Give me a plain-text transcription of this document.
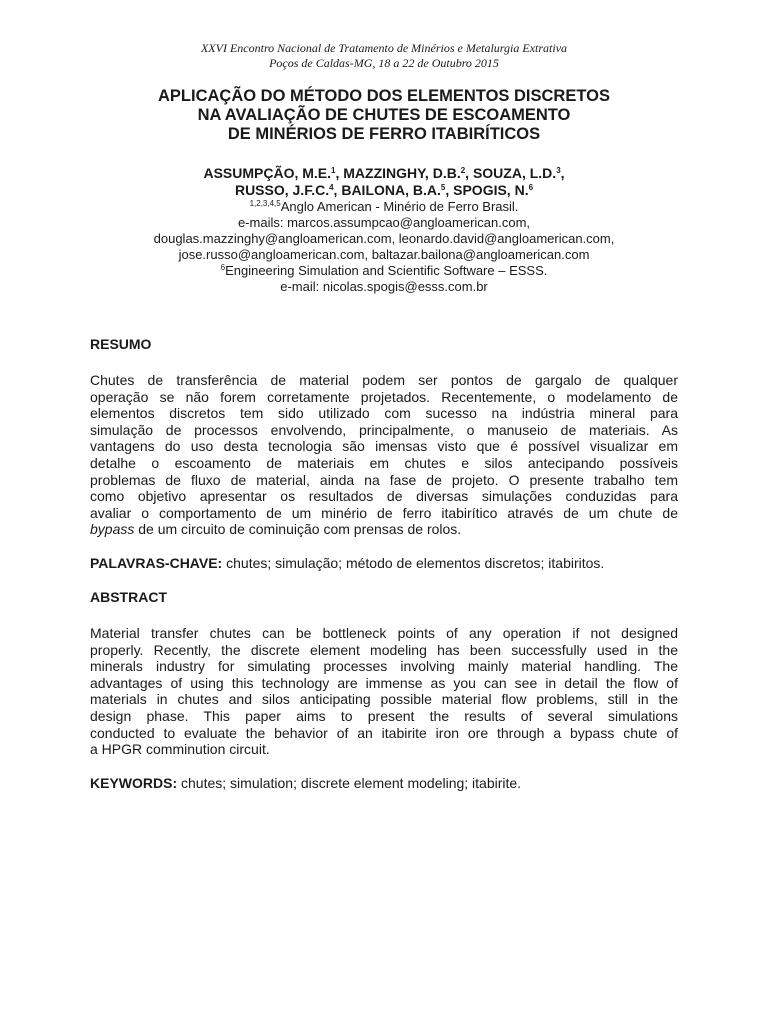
XXVI Encontro Nacional de Tratamento de Minérios e Metalurgia Extrativa
Poços de Caldas-MG, 18 a 22 de Outubro 2015
APLICAÇÃO DO MÉTODO DOS ELEMENTOS DISCRETOS
NA AVALIAÇÃO DE CHUTES DE ESCOAMENTO
DE MINÉRIOS DE FERRO ITABIRÍTICOS
ASSUMPÇÃO, M.E.$^1$, MAZZINGHY, D.B.$^2$, SOUZA, L.D.$^3$,
RUSSO, J.F.C.$^4$, BAILONA, B.A.$^5$, SPOGIS, N.$^6$
$^{1,2,3,4,5}$Anglo American - Minério de Ferro Brasil.
e-mails: marcos.assumpcao@angloamerican.com,
douglas.mazzinghy@angloamerican.com, leonardo.david@angloamerican.com,
jose.russo@angloamerican.com, baltazar.bailona@angloamerican.com
$^6$Engineering Simulation and Scientific Software – ESSS.
e-mail: nicolas.spogis@esss.com.br
RESUMO
Chutes de transferência de material podem ser pontos de gargalo de qualquer
operação se não forem corretamente projetados. Recentemente, o modelamento de
elementos discretos tem sido utilizado com sucesso na indústria mineral para
simulação de processos envolvendo, principalmente, o manuseio de materiais. As
vantagens do uso desta tecnologia são imensas visto que é possível visualizar em
detalhe o escoamento de materiais em chutes e silos antecipando possíveis
problemas de fluxo de material, ainda na fase de projeto. O presente trabalho tem
como objetivo apresentar os resultados de diversas simulações conduzidas para
avaliar o comportamento de um minério de ferro itabirítico através de um chute de
bypass de um circuito de cominuição com prensas de rolos.
PALAVRAS-CHAVE: chutes; simulação; método de elementos discretos; itabiritos.
ABSTRACT
Material transfer chutes can be bottleneck points of any operation if not designed
properly. Recently, the discrete element modeling has been successfully used in the
minerals industry for simulating processes involving mainly material handling. The
advantages of using this technology are immense as you can see in detail the flow of
materials in chutes and silos anticipating possible material flow problems, still in the
design phase. This paper aims to present the results of several simulations
conducted to evaluate the behavior of an itabirite iron ore through a bypass chute of
a HPGR comminution circuit.
KEYWORDS: chutes; simulation; discrete element modeling; itabirite.
